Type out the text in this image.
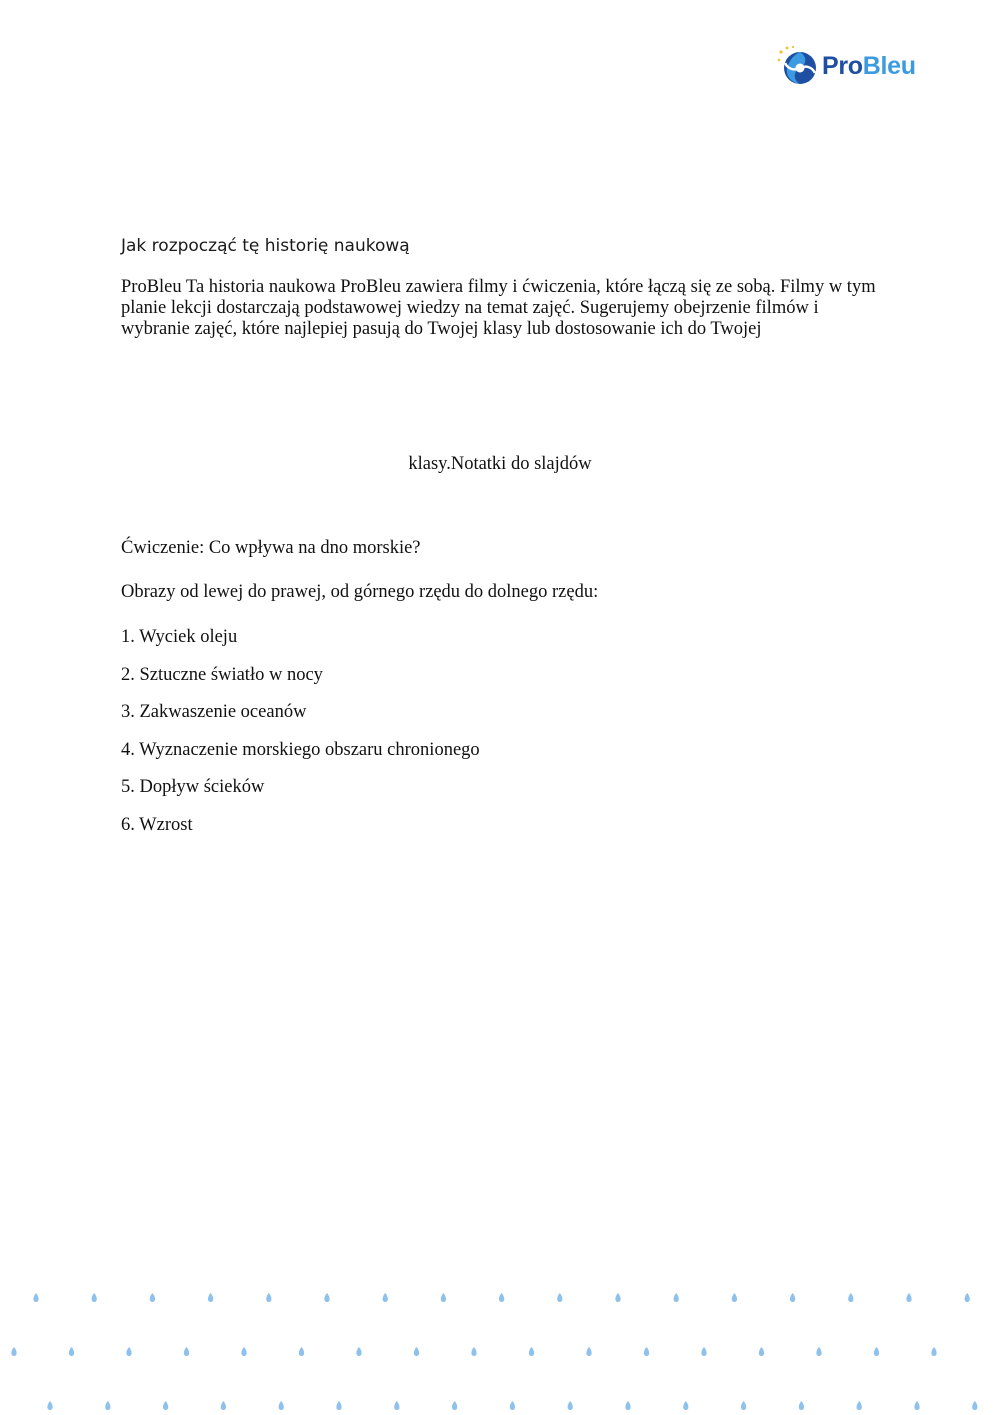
ProBleu
Jak rozpocząć tę historię naukową

ProBleu Ta historia naukowa ProBleu zawiera filmy i ćwiczenia, które łączą się ze sobą. Filmy w tym planie lekcji dostarczają podstawowej wiedzy na temat zajęć. Sugerujemy obejrzenie filmów i wybranie zajęć, które najlepiej pasują do Twojej klasy lub dostosowanie ich do Twojej

klasy.Notatki do slajdów

Ćwiczenie: Co wpływa na dno morskie?

Obrazy od lewej do prawej, od górnego rzędu do dolnego rzędu:

1. Wyciek oleju
2. Sztuczne światło w nocy
3. Zakwaszenie oceanów
4. Wyznaczenie morskiego obszaru chronionego
5. Dopływ ścieków
6. Wzrost
